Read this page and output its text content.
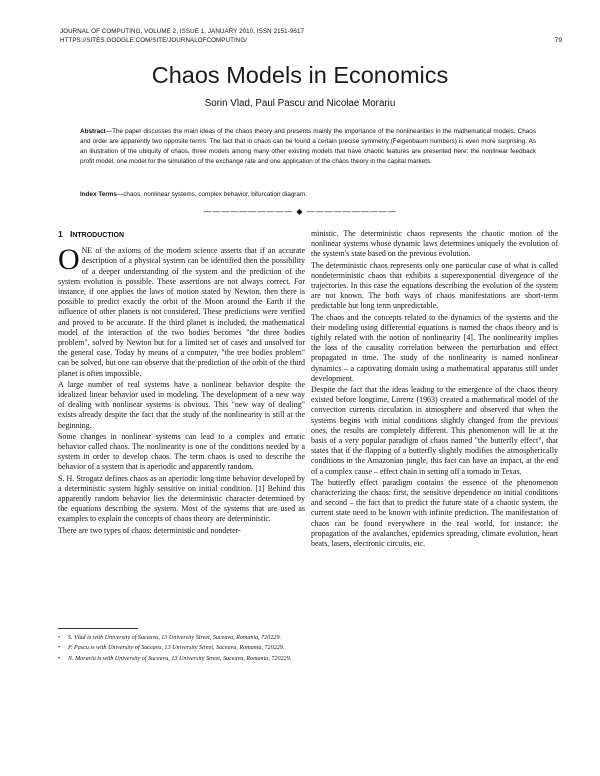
JOURNAL OF COMPUTING, VOLUME 2, ISSUE 1, JANUARY 2010, ISSN 2151-9617
HTTPS://SITES.GOOGLE.COM/SITE/JOURNALOFCOMPUTING/	79
Chaos Models in Economics
Sorin Vlad, Paul Pascu and Nicolae Morariu
Abstract—The paper discusses the main ideas of the chaos theory and presents mainly the importance of the nonlinearities in the mathematical models. Chaos and order are apparently two opposite terms. The fact that in chaos can be found a certain precise symmetry (Feigenbaum numbers) is even more surprising. As an illustration of the ubiquity of chaos, three models among many other existing models that have chaotic features are presented here: the nonlinear feedback profit model, one model for the simulation of the exchange rate and one application of the chaos theory in the capital markets.
Index Terms—chaos, nonlinear systems, complex behavior, bifurcation diagram.
—————————— ◆ ——————————
1 INTRODUCTION

ONE of the axioms of the modern science asserts that if an accurate description of a physical system can be identified then the possibility of a deeper understanding of the system and the prediction of the system evolution is possible. These assertions are not always correct. For instance, if one applies the laws of motion stated by Newton, then there is possible to predict exactly the orbit of the Moon around the Earth if the influence of other planets is not considered. These predictions were verified and proved to be accurate. If the third planet is included, the mathematical model of the interaction of the two bodies becomes "the three bodies problem", solved by Newton but for a limited set of cases and unsolved for the general case. Today by means of a computer, "the tree bodies problem" can be solved, but one can observe that the prediction of the orbit of the third planet is often impossible.

A large number of real systems have a nonlinear behavior despite the idealized linear behavior used in modeling. The development of a new way of dealing with nonlinear systems is obvious. This "new way of dealing" exists already despite the fact that the study of the nonlinearity is still at the beginning.

Some changes in nonlinear systems can lead to a complex and erratic behavior called chaos. The nonlinearity is one of the conditions needed by a system in order to develop chaos. The term chaos is used to describe the behavior of a system that is aperiodic and apparently random.

S. H. Strogatz defines chaos as an aperiodic long time behavior developed by a deterministic system highly sensitive on initial condition. [1] Behind this apparently random behavior lies the deterministic character determined by the equations describing the system. Most of the systems that are used as examples to explain the concepts of chaos theory are deterministic.

There are two types of chaos: deterministic and nondeter-

•	S. Vlad is with University of Suceava, 13 University Street, Suceava, Romania, 720229.
•	P. Pascu is with University of Suceava, 13 University Street, Suceava, Romania, 720229.
•	N. Morariu is with University of Suceava, 13 University Street, Suceava, Romania, 720229.

ministic. The deterministic chaos represents the chaotic motion of the nonlinear systems whose dynamic laws determines uniquely the evolution of the system's state based on the previous evolution.

The deterministic chaos represents only one particular case of what is called nondeterministic chaos that exhibits a superexponential divergence of the trajectories. In this case the equations describing the evolution of the system are not known. The both ways of chaos manifestations are short-term predictable but long term unpredictable.

The chaos and the concepts related to the dynamics of the systems and the their modeling using differential equations is named the chaos theory and is tightly related with the notion of nonlinearity [4]. The nonlinearity implies the loss of the causality correlation between the perturbation and effect propagated in time. The study of the nonlinearity is named nonlinear dynamics – a captivating domain using a mathematical apparatus still under development.

Despite the fact that the ideas leading to the emergence of the chaos theory existed before longtime, Lorenz (1963) created a mathematical model of the convection currents circulation in atmosphere and observed that when the systems begins with initial conditions slightly changed from the previous ones, the results are completely different. This phenomenon will lie at the basis of a very popular paradigm of chaos named "the butterfly effect", that states that if the flapping of a butterfly slightly modifies the atmospherically conditions in the Amazonian jungle, this fact can have an impact, at the end of a complex cause – effect chain in setting off a tornado in Texas.

The butterfly effect paradigm contains the essence of the phenomenon characterizing the chaos: first, the sensitive dependence on initial conditions and second – the fact that to predict the future state of a chaotic system, the current state need to be known with infinite prediction. The manifestation of chaos can be found everywhere in the real world, for instance: the propagation of the avalanches, epidemics spreading, climate evolution, heart beats, lasers, electronic circuits, etc.
